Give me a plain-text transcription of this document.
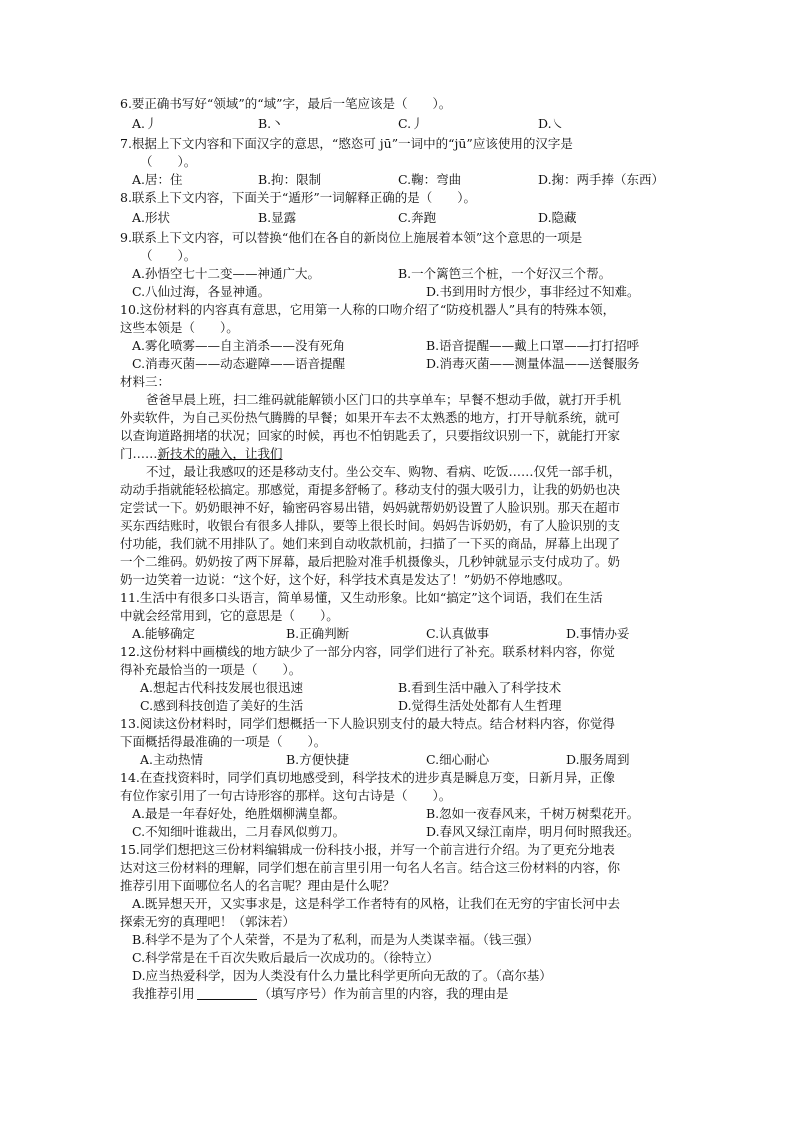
6.要正确书写好“领域”的“域”字，最后一笔应该是（　　）。
7.根据上下文内容和下面汉字的意思，“愍恣可 jū”一词中的“jū”应该使用的汉字是
（　　）。
8.联系上下文内容，下面关于“遁形”一词解释正确的是（　　）。
9.联系上下文内容，可以替换“他们在各自的新岗位上施展着本领”这个意思的一项是
（　　）。
10.这份材料的内容真有意思，它用第一人称的口吻介绍了“防疫机器人”具有的特殊本领，
这些本领是（　　）。
材料三：
爸爸早晨上班，扫二维码就能解锁小区门口的共享单车；早餐不想动手做，就打开手机
外卖软件，为自己买份热气腾腾的早餐；如果开车去不太熟悉的地方，打开导航系统，就可
以查询道路拥堵的状况；回家的时候，再也不怕钥匙丢了，只要指纹识别一下，就能打开家
门……新技术的融入，让我们
不过，最让我感叹的还是移动支付。坐公交车、购物、看病、吃饭……仅凭一部手机，
动动手指就能轻松搞定。那感觉，甭提多舒畅了。移动支付的强大吸引力，让我的奶奶也决
定尝试一下。奶奶眼神不好，输密码容易出错，妈妈就帮奶奶设置了人脸识别。那天在超市
买东西结账时，收银台有很多人排队，要等上很长时间。妈妈告诉奶奶，有了人脸识别的支
付功能，我们就不用排队了。她们来到自动收款机前，扫描了一下买的商品，屏幕上出现了
一个二维码。奶奶按了两下屏幕，最后把脸对准手机摄像头，几秒钟就显示支付成功了。奶
奶一边笑着一边说：“这个好，这个好，科学技术真是发达了！”奶奶不停地感叹。
11.生活中有很多口头语言，简单易懂，又生动形象。比如“搞定”这个词语，我们在生活
中就会经常用到，它的意思是（　　）。
12.这份材料中画横线的地方缺少了一部分内容，同学们进行了补充。联系材料内容，你觉
得补充最恰当的一项是（　　）。
13.阅读这份材料时，同学们想概括一下人脸识别支付的最大特点。结合材料内容，你觉得
下面概括得最准确的一项是（　　）。
14.在查找资料时，同学们真切地感受到，科学技术的进步真是瞬息万变，日新月异，正像
有位作家引用了一句古诗形容的那样。这句古诗是（　　）。
15.同学们想把这三份材料编辑成一份科技小报，并写一个前言进行介绍。为了更充分地表
达对这三份材料的理解，同学们想在前言里引用一句名人名言。结合这三份材料的内容，你
推荐引用下面哪位名人的名言呢？理由是什么呢？
A.既异想天开，又实事求是，这是科学工作者特有的风格，让我们在无穷的宇宙长河中去
探索无穷的真理吧！（郭沫若）
B.科学不是为了个人荣誉，不是为了私利，而是为人类谋幸福。（钱三强）
C.科学常是在千百次失败后最后一次成功的。（徐特立）
D.应当热爱科学，因为人类没有什么力量比科学更所向无敌的了。（高尔基）
A.丿	B.丶	C.丿	D.㇏
A.居：住	B.拘：限制	C.鞠：弯曲	D.掬：两手捧（东西）
A.形状	B.显露	C.奔跑	D.隐藏
A.孙悟空七十二变——神通广大。	B.一个篱笆三个桩，一个好汉三个帮。
C.八仙过海，各显神通。	D.书到用时方恨少，事非经过不知难。
A.雾化喷雾——自主消杀——没有死角	B.语音提醒——戴上口罩——打打招呼
C.消毒灭菌——动态避障——语音提醒	D.消毒灭菌——测量体温——送餐服务
A.能够确定	B.正确判断	C.认真做事	D.事情办妥
A.想起古代科技发展也很迅速	B.看到生活中融入了科学技术
C.感到科技创造了美好的生活	D.觉得生活处处都有人生哲理
A.主动热情	B.方便快捷	C.细心耐心	D.服务周到
A.最是一年春好处，绝胜烟柳满皇都。	B.忽如一夜春风来，千树万树梨花开。
C.不知细叶谁裁出，二月春风似剪刀。	D.春风又绿江南岸，明月何时照我还。
我推荐引用	（填写序号）作为前言里的内容，我的理由是
